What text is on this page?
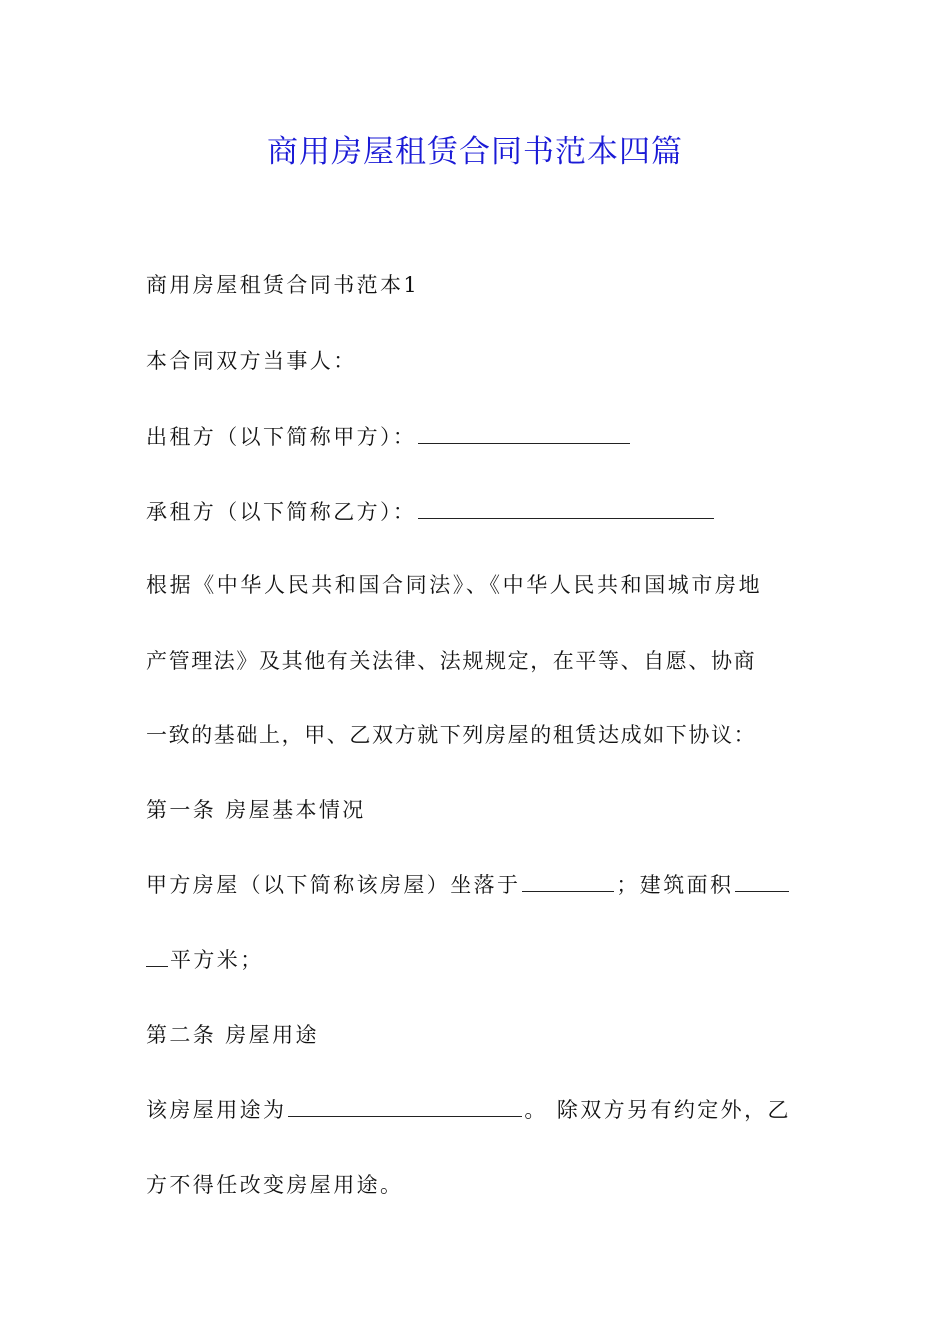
商用房屋租赁合同书范本四篇
商用房屋租赁合同书范本1
本合同双方当事人：
出租方（以下简称甲方）：
承租方（以下简称乙方）：
根据《中华人民共和国合同法》、《中华人民共和国城市房地
产管理法》及其他有关法律、法规规定，在平等、自愿、协商
一致的基础上，甲、乙双方就下列房屋的租赁达成如下协议：
第一条 房屋基本情况
甲方房屋（以下简称该房屋）坐落于	；建筑面积
平方米；
第二条 房屋用途
该房屋用途为	。 除双方另有约定外，乙
方不得任改变房屋用途。
